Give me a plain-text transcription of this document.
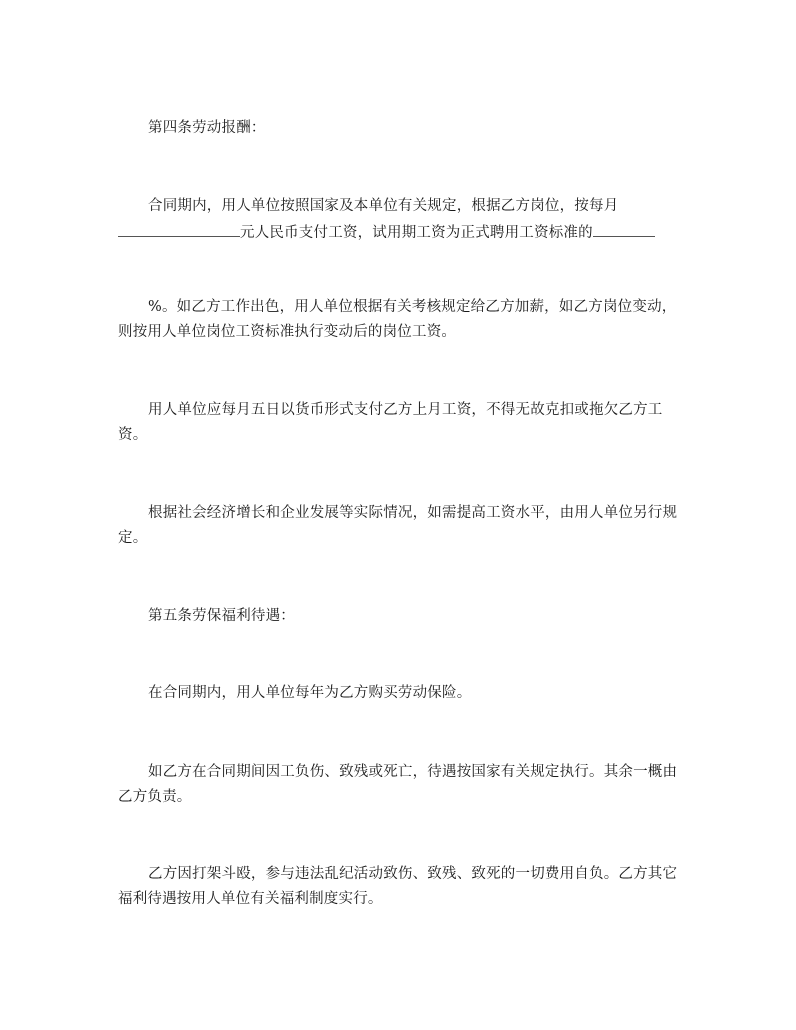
第四条劳动报酬：

合同期内，用人单位按照国家及本单位有关规定，根据乙方岗位，按每月
元人民币支付工资，试用期工资为正式聘用工资标准的

%。如乙方工作出色，用人单位根据有关考核规定给乙方加薪，如乙方岗位变动，则按用人单位岗位工资标准执行变动后的岗位工资。

用人单位应每月五日以货币形式支付乙方上月工资，不得无故克扣或拖欠乙方工资。

根据社会经济增长和企业发展等实际情况，如需提高工资水平，由用人单位另行规定。

第五条劳保福利待遇：

在合同期内，用人单位每年为乙方购买劳动保险。

如乙方在合同期间因工负伤、致残或死亡，待遇按国家有关规定执行。其余一概由乙方负责。

乙方因打架斗殴，参与违法乱纪活动致伤、致残、致死的一切费用自负。乙方其它福利待遇按用人单位有关福利制度实行。
